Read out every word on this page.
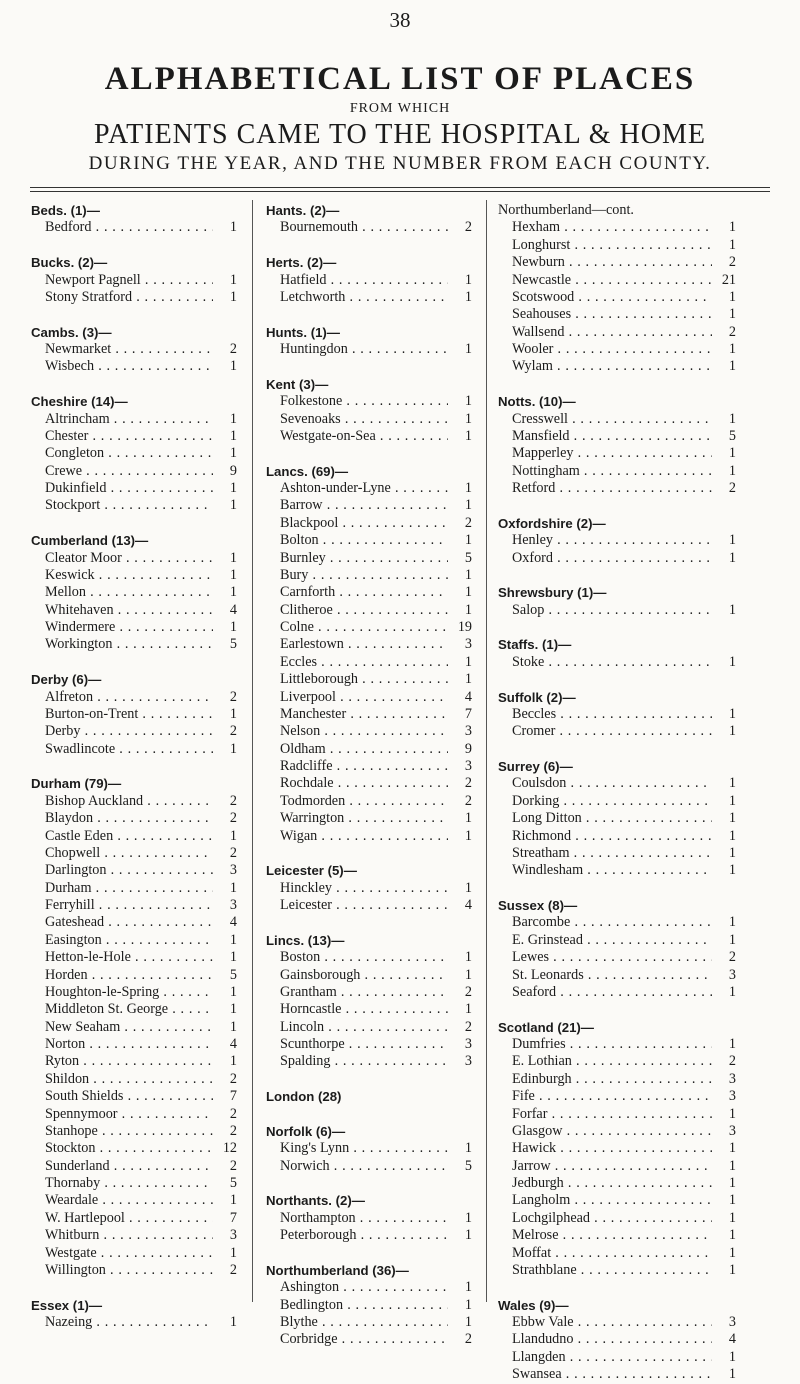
38
ALPHABETICAL LIST OF PLACES
FROM WHICH
PATIENTS CAME TO THE HOSPITAL & HOME
DURING THE YEAR, AND THE NUMBER FROM EACH COUNTY.
Beds. (1)—
Bedford . . .	1
Bucks. (2)—
Newport Pagnell . . .	1
Stony Stratford . . .	1
Cambs. (3)—
Newmarket . . .	2
Wisbech . . .	1
Cheshire (14)—
Altrincham . . .	1
Chester . . .	1
Congleton . . .	1
Crewe . . .	9
Dukinfield . . .	1
Stockport . . .	1
Cumberland (13)—
Cleator Moor . . .	1
Keswick . . .	1
Mellon . . .	1
Whitehaven . . .	4
Windermere . . .	1
Workington . . .	5
Derby (6)—
Alfreton . . .	2
Burton-on-Trent . . .	1
Derby . . .	2
Swadlincote . . .	1
Durham (79)—
Bishop Auckland . . .	2
Blaydon . . .	2
Castle Eden . . .	1
Chopwell . . .	2
Darlington . . .	3
Durham . . .	1
Ferryhill . . .	3
Gateshead . . .	4
Easington . . .	1
Hetton-le-Hole . . .	1
Horden . . .	5
Houghton-le-Spring . . .	1
Middleton St. George . . .	1
New Seaham . . .	1
Norton . . .	4
Ryton . . .	1
Shildon . . .	2
South Shields . . .	7
Spennymoor . . .	2
Stanhope . . .	2
Stockton . . .	12
Sunderland . . .	2
Thornaby . . .	5
Weardale . . .	1
W. Hartlepool . . .	7
Whitburn . . .	3
Westgate . . .	1
Willington . . .	2
Essex (1)—
Nazeing . . .	1
Hants. (2)—
Bournemouth . . .	2
Herts. (2)—
Hatfield . . .	1
Letchworth . . .	1
Hunts. (1)—
Huntingdon . . .	1
Kent (3)—
Folkestone . . .	1
Sevenoaks . . .	1
Westgate-on-Sea . . .	1
Lancs. (69)—
Ashton-under-Lyne . . .	1
Barrow . . .	1
Blackpool . . .	2
Bolton . . .	1
Burnley . . .	5
Bury . . .	1
Carnforth . . .	1
Clitheroe . . .	1
Colne . . .	19
Earlestown . . .	3
Eccles . . .	1
Littleborough . . .	1
Liverpool . . .	4
Manchester . . .	7
Nelson . . .	3
Oldham . . .	9
Radcliffe . . .	3
Rochdale . . .	2
Todmorden . . .	2
Warrington . . .	1
Wigan . . .	1
Leicester (5)—
Hinckley . . .	1
Leicester . . .	4
Lincs. (13)—
Boston . . .	1
Gainsborough . . .	1
Grantham . . .	2
Horncastle . . .	1
Lincoln . . .	2
Scunthorpe . . .	3
Spalding . . .	3
London (28)
Norfolk (6)—
King's Lynn . . .	1
Norwich . . .	5
Northants. (2)—
Northampton . . .	1
Peterborough . . .	1
Northumberland (36)—
Ashington . . .	1
Bedlington . . .	1
Blythe . . .	1
Corbridge . . .	2
Northumberland—cont.
Hexham . . .	1
Longhurst . . .	1
Newburn . . .	2
Newcastle . . .	21
Scotswood . . .	1
Seahouses . . .	1
Wallsend . . .	2
Wooler . . .	1
Wylam . . .	1
Notts. (10)—
Cresswell . . .	1
Mansfield . . .	5
Mapperley . . .	1
Nottingham . . .	1
Retford . . .	2
Oxfordshire (2)—
Henley . . .	1
Oxford . . .	1
Shrewsbury (1)—
Salop . . .	1
Staffs. (1)—
Stoke . . .	1
Suffolk (2)—
Beccles . . .	1
Cromer . . .	1
Surrey (6)—
Coulsdon . . .	1
Dorking . . .	1
Long Ditton . . .	1
Richmond . . .	1
Streatham . . .	1
Windlesham . . .	1
Sussex (8)—
Barcombe . . .	1
E. Grinstead . . .	1
Lewes . . .	2
St. Leonards . . .	3
Seaford . . .	1
Scotland (21)—
Dumfries . . .	1
E. Lothian . . .	2
Edinburgh . . .	3
Fife . . .	3
Forfar . . .	1
Glasgow . . .	3
Hawick . . .	1
Jarrow . . .	1
Jedburgh . . .	1
Langholm . . .	1
Lochgilphead . . .	1
Melrose . . .	1
Moffat . . .	1
Strathblane . . .	1
Wales (9)—
Ebbw Vale . . .	3
Llandudno . . .	4
Llangden . . .	1
Swansea . . .	1
